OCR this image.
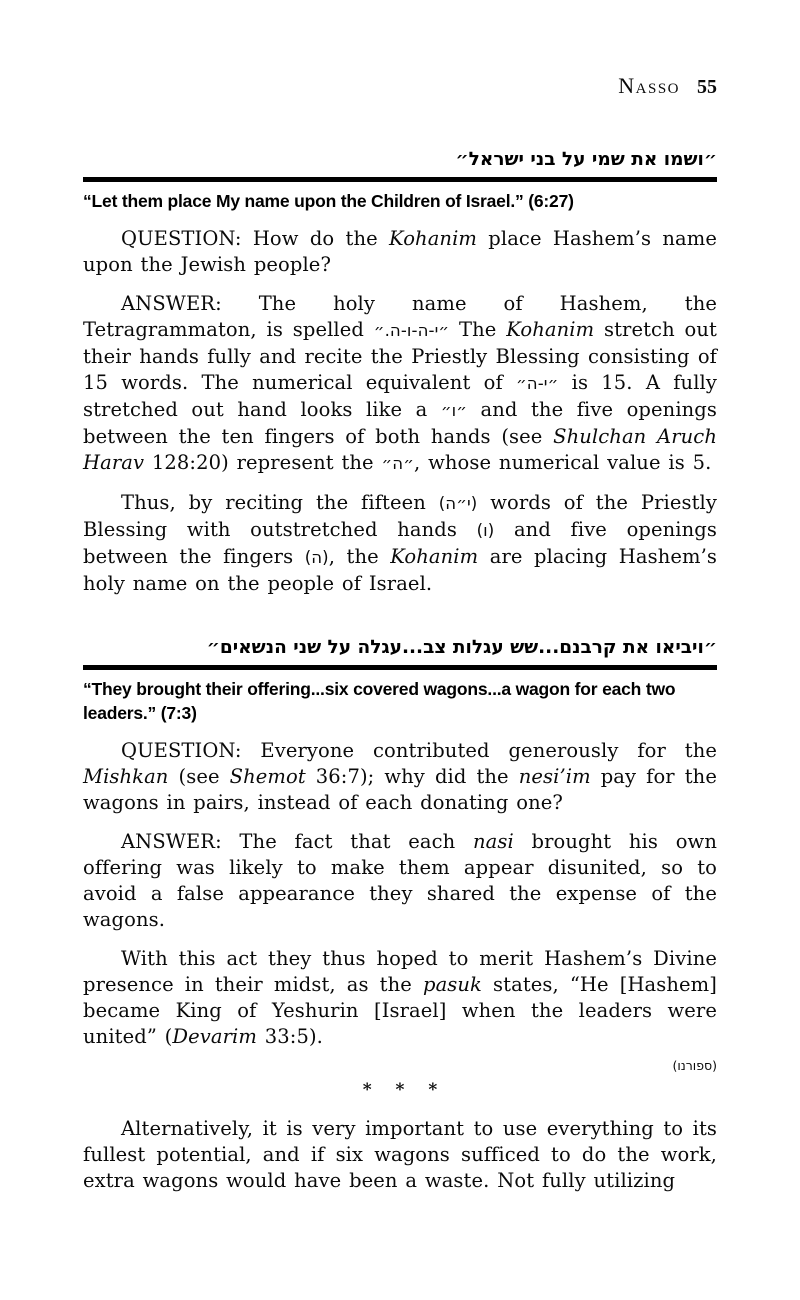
Nasso 55
״ושמו את שמי על בני ישראל״
“Let them place My name upon the Children of Israel.” (6:27)

QUESTION: How do the Kohanim place Hashem’s name upon the Jewish people?

ANSWER: The holy name of Hashem, the Tetragrammaton, is spelled ״י-ה-ו-ה.״ The Kohanim stretch out their hands fully and recite the Priestly Blessing consisting of 15 words. The numerical equivalent of ״י-ה״ is 15. A fully stretched out hand looks like a ״ו״ and the five openings between the ten fingers of both hands (see Shulchan Aruch Harav 128:20) represent the ״ה״, whose numerical value is 5.

Thus, by reciting the fifteen (י״ה) words of the Priestly Blessing with outstretched hands (ו) and five openings between the fingers (ה), the Kohanim are placing Hashem’s holy name on the people of Israel.

״ויביאו את קרבנם...שש עגלות צב...עגלה על שני הנשאים״
“They brought their offering...six covered wagons...a wagon for each two leaders.” (7:3)

QUESTION: Everyone contributed generously for the Mishkan (see Shemot 36:7); why did the nesi’im pay for the wagons in pairs, instead of each donating one?

ANSWER: The fact that each nasi brought his own offering was likely to make them appear disunited, so to avoid a false appearance they shared the expense of the wagons.

With this act they thus hoped to merit Hashem’s Divine presence in their midst, as the pasuk states, “He [Hashem] became King of Yeshurin [Israel] when the leaders were united” (Devarim 33:5).

(ספורנו)
* * *

Alternatively, it is very important to use everything to its fullest potential, and if six wagons sufficed to do the work, extra wagons would have been a waste. Not fully utilizing
